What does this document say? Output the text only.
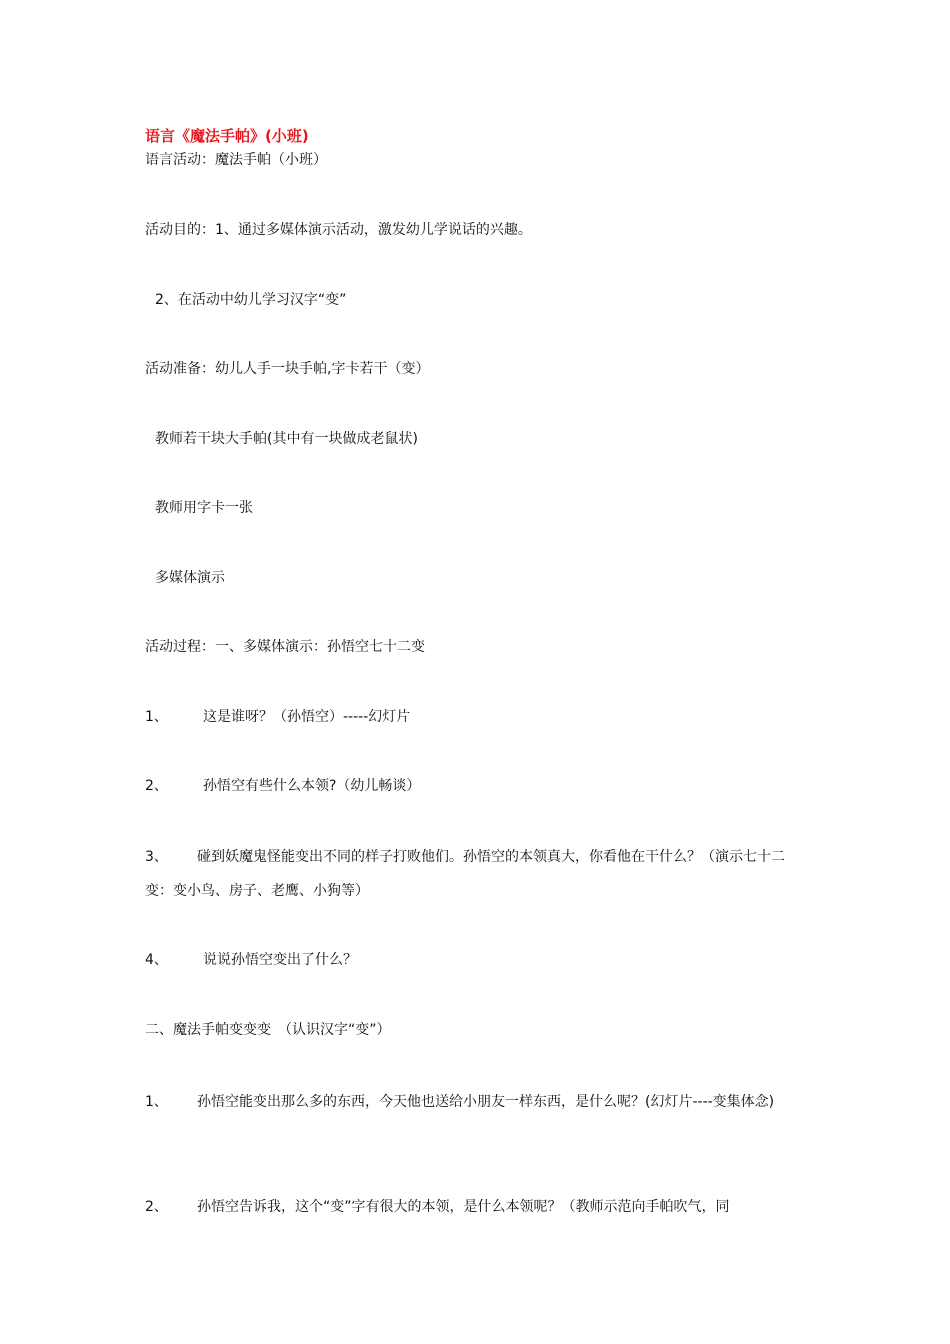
语言《魔法手帕》(小班)

语言活动：魔法手帕（小班）

活动目的：1、通过多媒体演示活动，激发幼儿学说话的兴趣。

2、在活动中幼儿学习汉字“变”

活动准备：幼儿人手一块手帕,字卡若干（变）

教师若干块大手帕(其中有一块做成老鼠状)

教师用字卡一张

多媒体演示

活动过程：一、多媒体演示：孙悟空七十二变

1、	这是谁呀？（孙悟空）-----幻灯片

2、	孙悟空有些什么本领?（幼儿畅谈）

3、 碰到妖魔鬼怪能变出不同的样子打败他们。孙悟空的本领真大，你看他在干什么？（演示七十二变：变小鸟、房子、老鹰、小狗等）

4、	说说孙悟空变出了什么？

二、魔法手帕变变变　（认识汉字“变”）

1、 孙悟空能变出那么多的东西，今天他也送给小朋友一样东西，是什么呢？(幻灯片----变集体念)
2、 孙悟空告诉我，这个“变”字有很大的本领，是什么本领呢？（教师示范向手帕吹气，同
